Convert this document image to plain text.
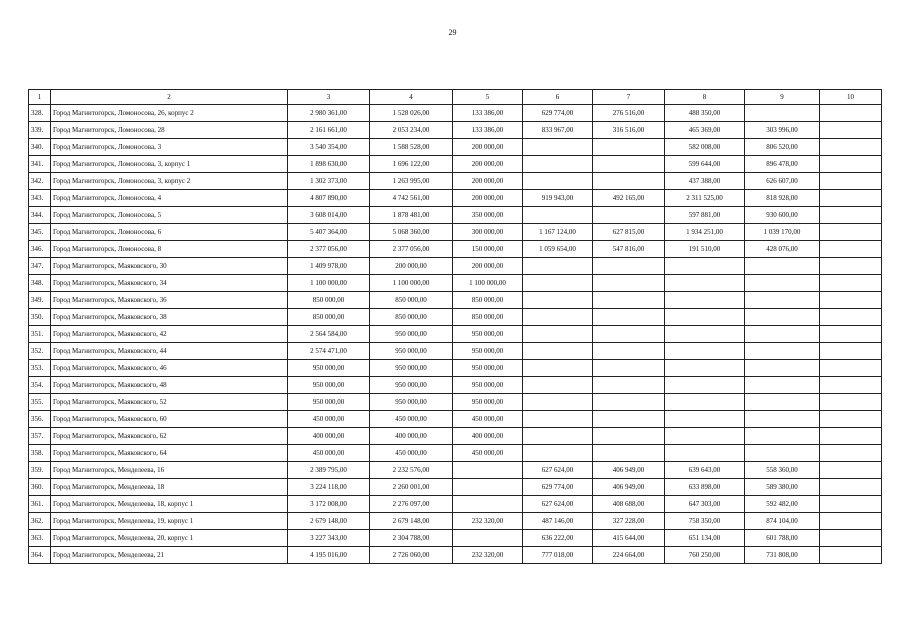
29
1	2	3	4	5	6	7	8	9	10
328.	Город Магнитогорск, Ломоносова, 26, корпус 2	2 980 361,00	1 528 026,00	133 386,00	629 774,00	276 516,00	488 350,00		
339.	Город Магнитогорск, Ломоносова, 28	2 161 661,00	2 053 234,00	133 386,00	833 967,00	316 516,00	465 369,00	303 996,00	
340.	Город Магнитогорск, Ломоносова, 3	3 540 354,00	1 588 528,00	200 000,00			582 008,00	806 520,00	
341.	Город Магнитогорск, Ломоносова, 3, корпус 1	1 898 630,00	1 696 122,00	200 000,00			599 644,00	896 478,00	
342.	Город Магнитогорск, Ломоносова, 3, корпус 2	1 302 373,00	1 263 995,00	200 000,00			437 388,00	626 607,00	
343.	Город Магнитогорск, Ломоносова, 4	4 807 890,00	4 742 561,00	200 000,00	919 943,00	492 165,00	2 311 525,00	818 928,00	
344.	Город Магнитогорск, Ломоносова, 5	3 608 014,00	1 878 481,00	350 000,00			597 881,00	930 600,00	
345.	Город Магнитогорск, Ломоносова, 6	5 407 364,00	5 068 360,00	300 000,00	1 167 124,00	627 815,00	1 934 251,00	1 039 170,00	
346.	Город Магнитогорск, Ломоносова, 8	2 377 056,00	2 377 056,00	150 000,00	1 059 654,00	547 816,00	191 510,00	428 076,00	
347.	Город Магнитогорск, Маяковского, 30	1 409 978,00	200 000,00	200 000,00					
348.	Город Магнитогорск, Маяковского, 34	1 100 000,00	1 100 000,00	1 100 000,00					
349.	Город Магнитогорск, Маяковского, 36	850 000,00	850 000,00	850 000,00					
350.	Город Магнитогорск, Маяковского, 38	850 000,00	850 000,00	850 000,00					
351.	Город Магнитогорск, Маяковского, 42	2 564 584,00	950 000,00	950 000,00					
352.	Город Магнитогорск, Маяковского, 44	2 574 471,00	950 000,00	950 000,00					
353.	Город Магнитогорск, Маяковского, 46	950 000,00	950 000,00	950 000,00					
354.	Город Магнитогорск, Маяковского, 48	950 000,00	950 000,00	950 000,00					
355.	Город Магнитогорск, Маяковского, 52	950 000,00	950 000,00	950 000,00					
356.	Город Магнитогорск, Маяковского, 60	450 000,00	450 000,00	450 000,00					
357.	Город Магнитогорск, Маяковского, 62	400 000,00	400 000,00	400 000,00					
358.	Город Магнитогорск, Маяковского, 64	450 000,00	450 000,00	450 000,00					
359.	Город Магнитогорск, Менделеева, 16	2 389 795,00	2 232 576,00		627 624,00	406 949,00	639 643,00	558 360,00	
360.	Город Магнитогорск, Менделеева, 18	3 224 118,00	2 260 001,00		629 774,00	406 949,00	633 898,00	589 380,00	
361.	Город Магнитогорск, Менделеева, 18, корпус 1	3 172 008,00	2 276 097,00		627 624,00	408 688,00	647 303,00	592 482,00	
362.	Город Магнитогорск, Менделеева, 19, корпус 1	2 679 148,00	2 679 148,00	232 320,00	487 146,00	327 228,00	758 350,00	874 104,00	
363.	Город Магнитогорск, Менделеева, 20, корпус 1	3 227 343,00	2 304 788,00		636 222,00	415 644,00	651 134,00	601 788,00	
364.	Город Магнитогорск, Менделеева, 21	4 195 016,00	2 726 060,00	232 320,00	777 018,00	224 664,00	760 250,00	731 808,00	
